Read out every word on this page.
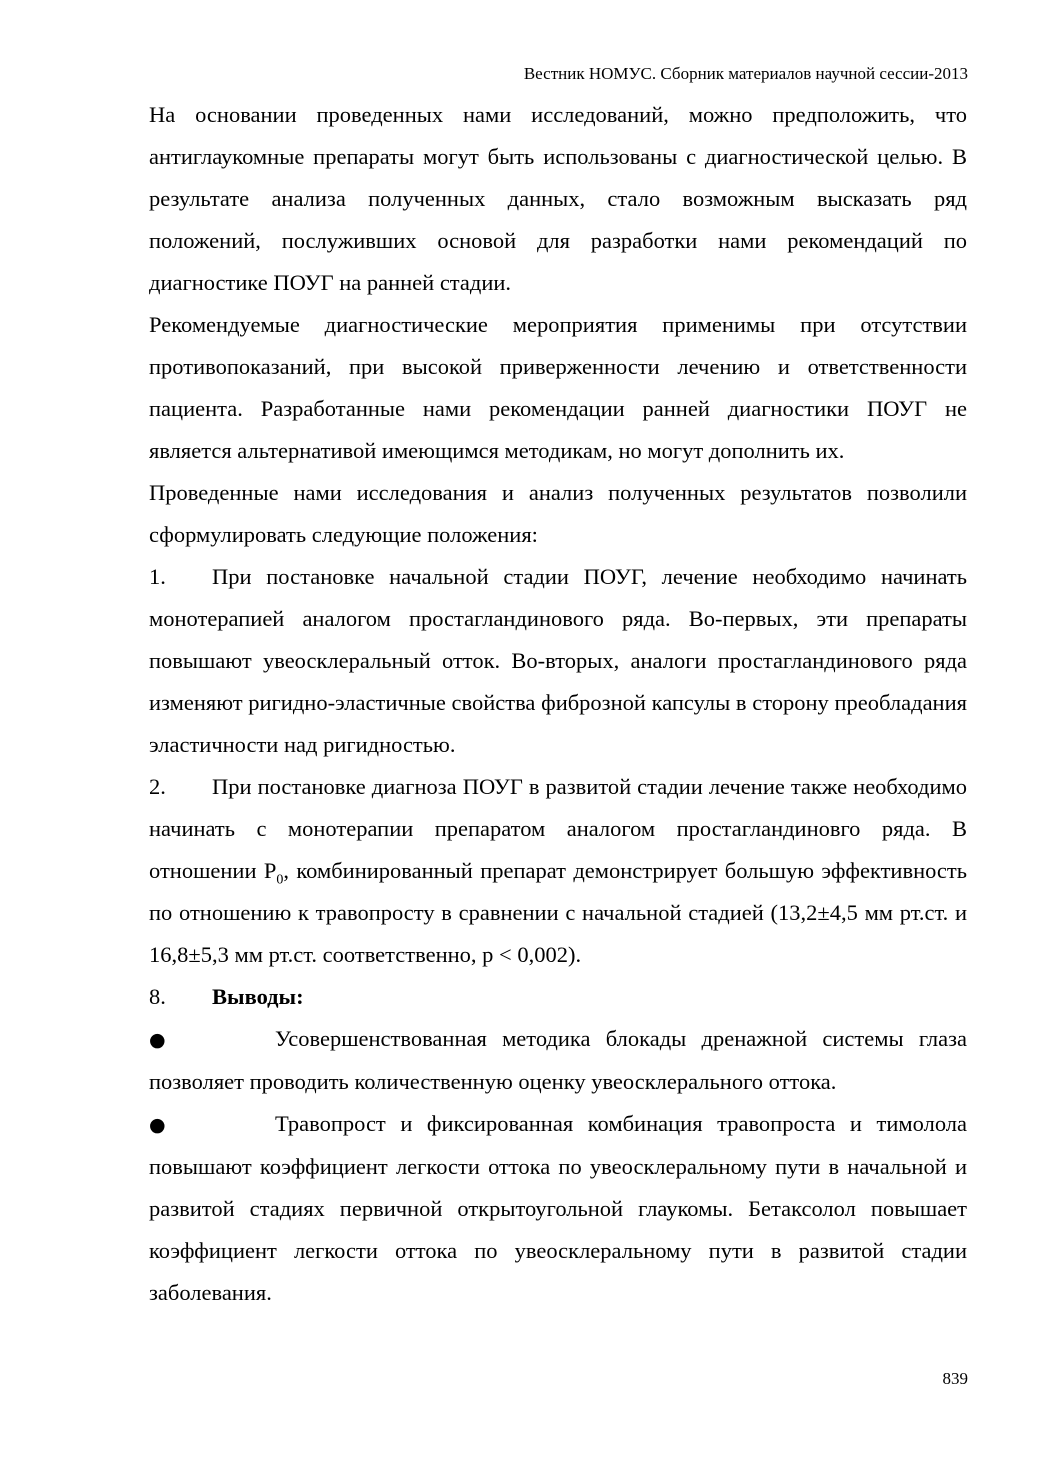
Вестник НОМУС. Сборник материалов научной сессии-2013

На основании проведенных нами исследований, можно предположить, что антиглаукомные препараты могут быть использованы с диагностической целью. В результате анализа полученных данных, стало возможным высказать ряд положений, послуживших основой для разработки нами рекомендаций по диагностике ПОУГ на ранней стадии.

Рекомендуемые диагностические мероприятия применимы при отсутствии противопоказаний, при высокой приверженности лечению и ответственности пациента. Разработанные нами рекомендации ранней диагностики ПОУГ не является альтернативой имеющимся методикам, но могут дополнить их.

Проведенные нами исследования и анализ полученных результатов позволили сформулировать следующие положения:

1. При постановке начальной стадии ПОУГ, лечение необходимо начинать монотерапией аналогом простагландинового ряда. Во-первых, эти препараты повышают увеосклеральный отток. Во-вторых, аналоги простагландинового ряда изменяют ригидно-эластичные свойства фиброзной капсулы в сторону преобладания эластичности над ригидностью.

2. При постановке диагноза ПОУГ в развитой стадии лечение также необходимо начинать с монотерапии препаратом аналогом простагландиновго ряда. В отношении $Р_0$, комбинированный препарат демонстрирует большую эффективность по отношению к травопросту в сравнении с начальной стадией (13,2±4,5 мм рт.ст. и 16,8±5,3 мм рт.ст. соответственно, р < 0,002).

8. Выводы:

●	Усовершенствованная методика блокады дренажной системы глаза позволяет проводить количественную оценку увеосклерального оттока.

●	Травопрост и фиксированная комбинация травопроста и тимолола повышают коэффициент легкости оттока по увеосклеральному пути в начальной и развитой стадиях первичной открытоугольной глаукомы. Бетаксолол повышает коэффициент легкости оттока по увеосклеральному пути в развитой стадии заболевания.

839
